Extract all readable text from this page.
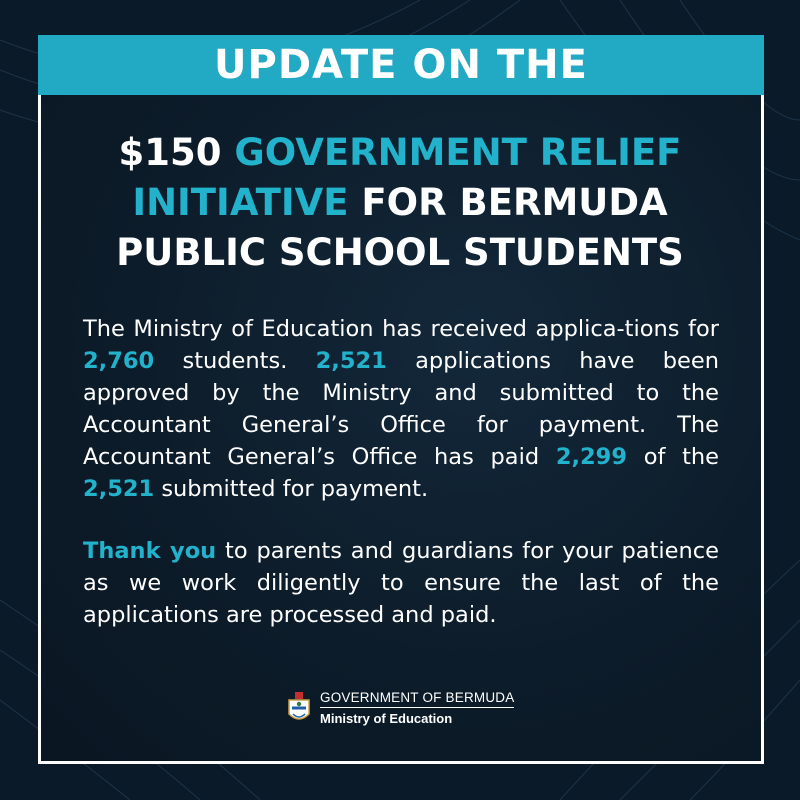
UPDATE ON THE
$150 GOVERNMENT RELIEF INITIATIVE FOR BERMUDA PUBLIC SCHOOL STUDENTS
The Ministry of Education has received applica-tions for 2,760 students. 2,521 applications have been approved by the Ministry and submitted to the Accountant General’s Office for payment. The Accountant General’s Office has paid 2,299 of the 2,521 submitted for payment.
Thank you to parents and guardians for your patience as we work diligently to ensure the last of the applications are processed and paid.
GOVERNMENT OF BERMUDA
Ministry of Education
